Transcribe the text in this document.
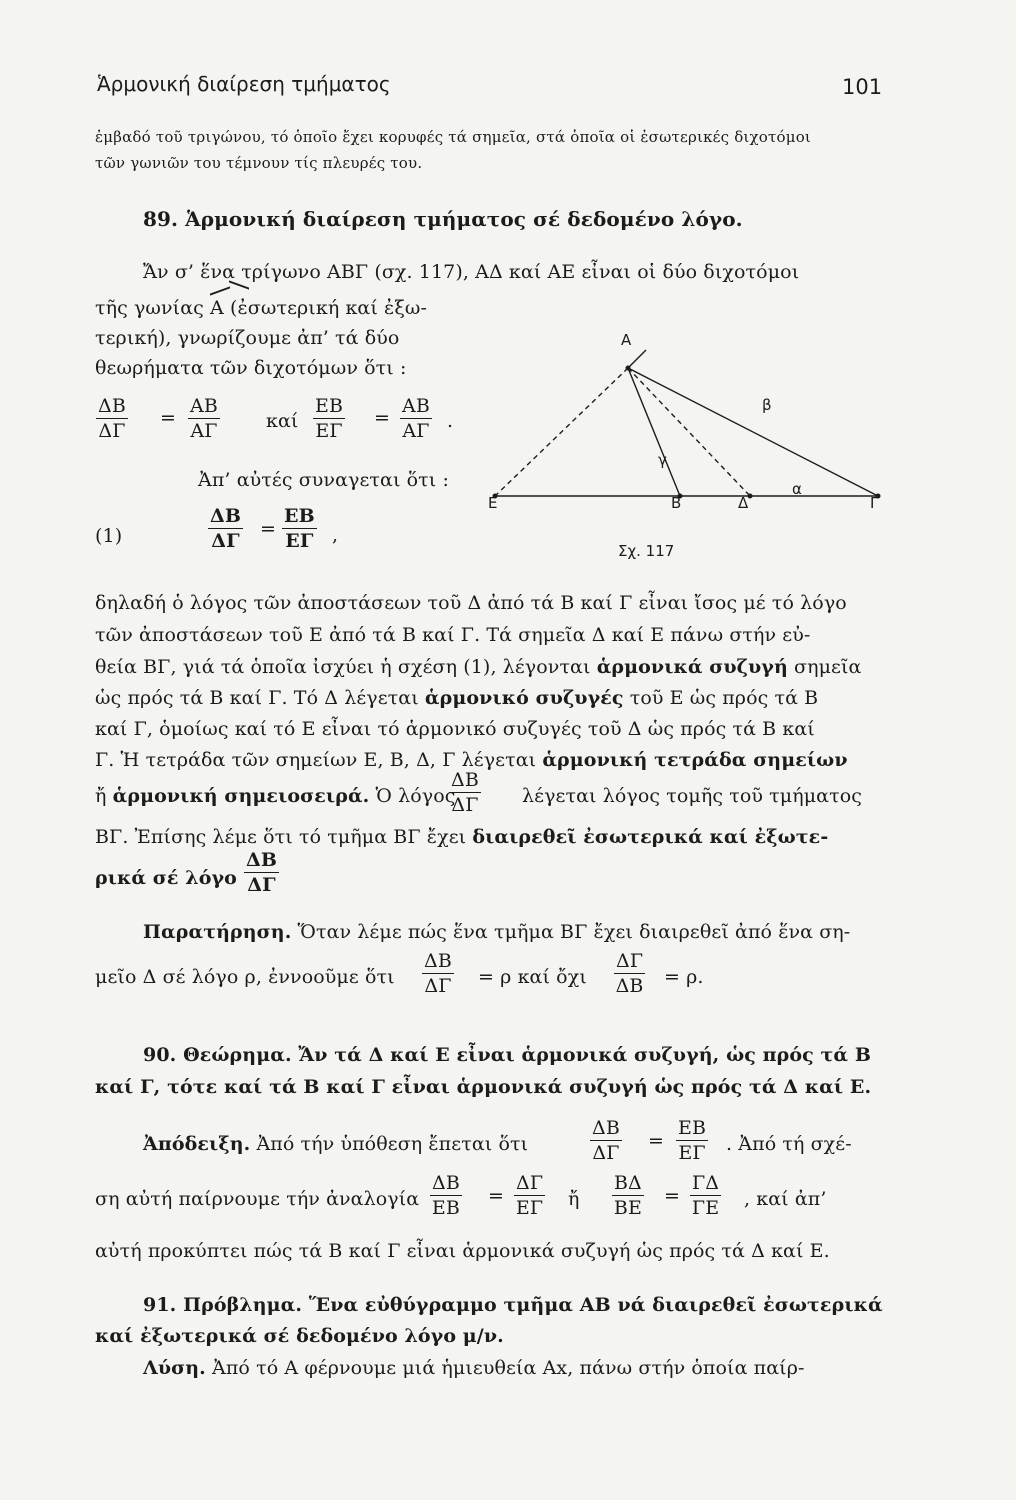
Ἁρμονική διαίρεση τμήματος	101
ἐμβαδό τοῦ τριγώνου, τό ὁποῖο ἔχει κορυφές τά σημεῖα, στά ὁποῖα οἱ ἐσωτερικές διχοτόμοι
τῶν γωνιῶν του τέμνουν τίς πλευρές του.
89. Ἁρμονική διαίρεση τμήματος σέ δεδομένο λόγο.
Ἄν σ’ ἕνα τρίγωνο ΑΒΓ (σχ. 117), ΑΔ καί ΑΕ εἶναι οἱ δύο διχοτόμοι
τῆς γωνίας Α (ἐσωτερική καί ἐξω-
τερική), γνωρίζουμε ἀπ’ τά δύο
θεωρήματα τῶν διχοτόμων ὅτι :
$\frac{\Delta B}{\Delta\Gamma} = \frac{AB}{A\Gamma}$ καί $\frac{EB}{E\Gamma} = \frac{AB}{A\Gamma}$ .
Ἀπ’ αὐτές συναγεται ὅτι :
(1)	$\frac{\Delta B}{\Delta\Gamma} = \frac{EB}{E\Gamma}$ ,
Α
β
γ
α
Ε	Β	Δ	Γ
Σχ. 117
δηλαδή ὁ λόγος τῶν ἀποστάσεων τοῦ Δ ἀπό τά Β καί Γ εἶναι ἴσος μέ τό λόγο
τῶν ἀποστάσεων τοῦ Ε ἀπό τά Β καί Γ. Τά σημεῖα Δ καί Ε πάνω στήν εὐ-
θεία ΒΓ, γιά τά ὁποῖα ἰσχύει ἡ σχέση (1), λέγονται ἁρμονικά συζυγή σημεῖα
ὡς πρός τά Β καί Γ. Τό Δ λέγεται ἁρμονικό συζυγές τοῦ Ε ὡς πρός τά Β
καί Γ, ὁμοίως καί τό Ε εἶναι τό ἁρμονικό συζυγές τοῦ Δ ὡς πρός τά Β καί
Γ. Ἡ τετράδα τῶν σημείων Ε, Β, Δ, Γ λέγεται ἁρμονική τετράδα σημείων
ἤ ἁρμονική σημειοσειρά. Ὁ λόγος
$\frac{\Delta B}{\Delta\Gamma}$ λέγεται λόγος τομῆς τοῦ τμήματος
ΒΓ. Ἐπίσης λέμε ὅτι τό τμῆμα ΒΓ ἔχει διαιρεθεῖ ἐσωτερικά καί ἐξωτε-
ρικά σέ λόγο $\frac{\Delta B}{\Delta\Gamma}$
Παρατήρηση. Ὅταν λέμε πώς ἕνα τμῆμα ΒΓ ἔχει διαιρεθεῖ ἀπό ἕνα ση-
μεῖο Δ σέ λόγο ρ, ἐννοοῦμε ὅτι $\frac{\Delta B}{\Delta\Gamma} = \rho$ καί ὄχι $\frac{\Delta\Gamma}{\Delta B} = \rho$.
90. Θεώρημα. Ἄν τά Δ καί Ε εἶναι ἁρμονικά συζυγή, ὡς πρός τά Β
καί Γ, τότε καί τά Β καί Γ εἶναι ἁρμονικά συζυγή ὡς πρός τά Δ καί Ε.
Ἀπόδειξη. Ἀπό τήν ὑπόθεση ἔπεται ὅτι	$\frac{\Delta B}{\Delta\Gamma} = \frac{EB}{E\Gamma}$ . Ἀπό τή σχέ-
ση αὐτή παίρνουμε τήν ἀναλογία $\frac{\Delta B}{EB} = \frac{\Delta\Gamma}{E\Gamma}$ ἤ $\frac{B\Delta}{BE} = \frac{\Gamma\Delta}{\Gamma E}$ , καί ἀπ’
αὐτή προκύπτει πώς τά Β καί Γ εἶναι ἁρμονικά συζυγή ὡς πρός τά Δ καί Ε.
91. Πρόβλημα. Ἕνα εὐθύγραμμο τμῆμα ΑΒ νά διαιρεθεῖ ἐσωτερικά
καί ἐξωτερικά σέ δεδομένο λόγο μ/ν.
Λύση. Ἀπό τό Α φέρνουμε μιά ἡμιευθεία Αx, πάνω στήν ὁποία παίρ-
